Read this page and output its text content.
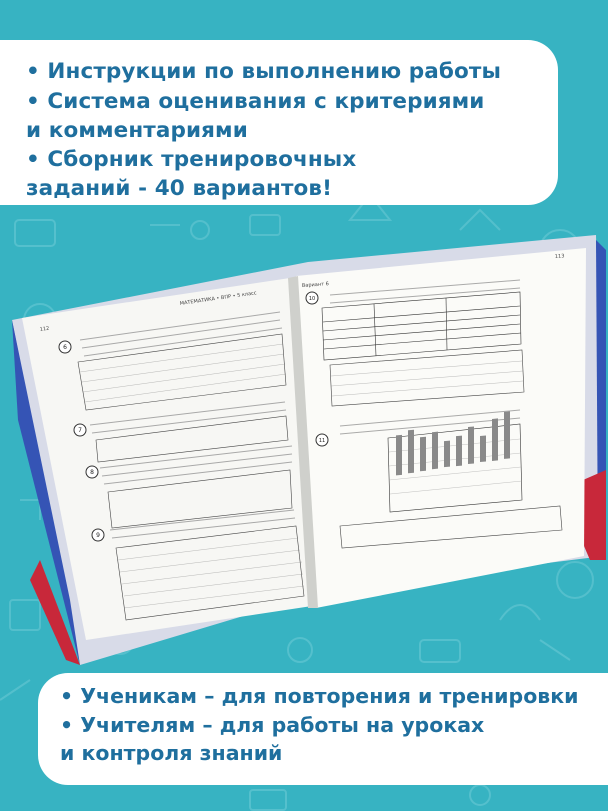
• Инструкции по выполнению работы
• Система оценивания с критериями
и комментариями
• Сборник тренировочных
заданий - 40 вариантов!
6
7
8
9
МАТЕМАТИКА • ВПР • 5 класс
112
Вариант 6
113
10
11
• Ученикам – для повторения и тренировки
• Учителям – для работы на уроках
и контроля знаний
